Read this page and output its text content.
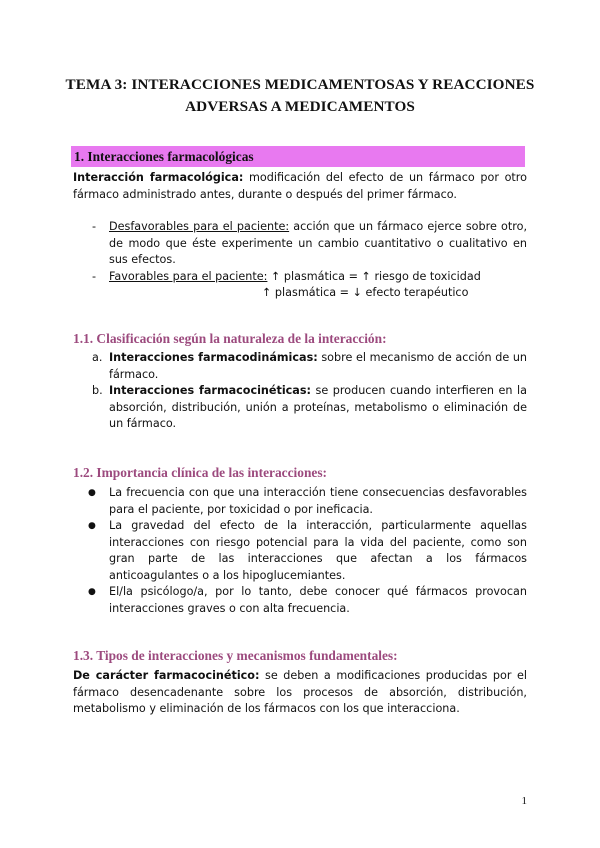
TEMA 3: INTERACCIONES MEDICAMENTOSAS Y REACCIONES
ADVERSAS A MEDICAMENTOS
1. Interacciones farmacológicas

Interacción farmacológica: modificación del efecto de un fármaco por otro fármaco administrado antes, durante o después del primer fármaco.

- Desfavorables para el paciente: acción que un fármaco ejerce sobre otro, de modo que éste experimente un cambio cuantitativo o cualitativo en sus efectos.
- Favorables para el paciente: ↑ plasmática = ↑ riesgo de toxicidad
↑ plasmática = ↓ efecto terapéutico
1.1. Clasificación según la naturaleza de la interacción:
a. Interacciones farmacodinámicas: sobre el mecanismo de acción de un fármaco.
b. Interacciones farmacocinéticas: se producen cuando interfieren en la absorción, distribución, unión a proteínas, metabolismo o eliminación de un fármaco.
1.2. Importancia clínica de las interacciones:
● La frecuencia con que una interacción tiene consecuencias desfavorables para el paciente, por toxicidad o por ineficacia.
● La gravedad del efecto de la interacción, particularmente aquellas interacciones con riesgo potencial para la vida del paciente, como son gran parte de las interacciones que afectan a los fármacos anticoagulantes o a los hipoglucemiantes.
● El/la psicólogo/a, por lo tanto, debe conocer qué fármacos provocan interacciones graves o con alta frecuencia.
1.3. Tipos de interacciones y mecanismos fundamentales:

De carácter farmacocinético: se deben a modificaciones producidas por el fármaco desencadenante sobre los procesos de absorción, distribución, metabolismo y eliminación de los fármacos con los que interacciona.

1
